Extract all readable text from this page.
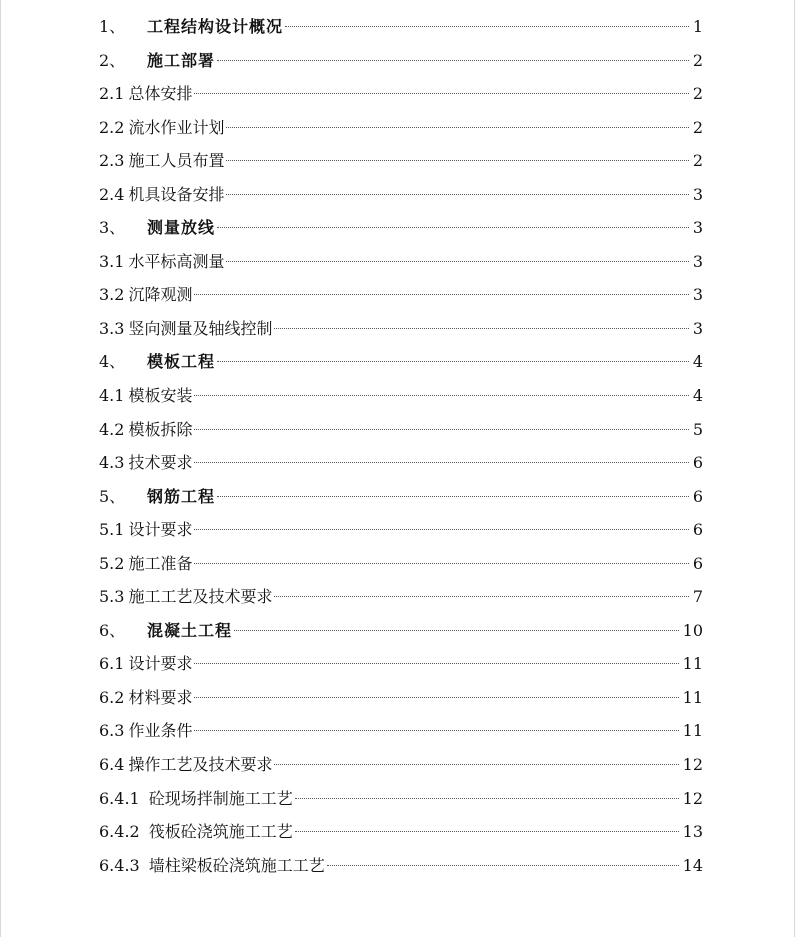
1、	工程结构设计概况	1
2、	施工部署	2
2.1 总体安排	2
2.2 流水作业计划	2
2.3 施工人员布置	2
2.4 机具设备安排	3
3、	测量放线	3
3.1 水平标高测量	3
3.2 沉降观测	3
3.3 竖向测量及轴线控制	3
4、	模板工程	4
4.1 模板安装	4
4.2 模板拆除	5
4.3 技术要求	6
5、	钢筋工程	6
5.1 设计要求	6
5.2 施工准备	6
5.3 施工工艺及技术要求	7
6、	混凝土工程	10
6.1 设计要求	11
6.2 材料要求	11
6.3 作业条件	11
6.4 操作工艺及技术要求	12
6.4.1 砼现场拌制施工工艺	12
6.4.2 筏板砼浇筑施工工艺	13
6.4.3 墙柱梁板砼浇筑施工工艺	14
